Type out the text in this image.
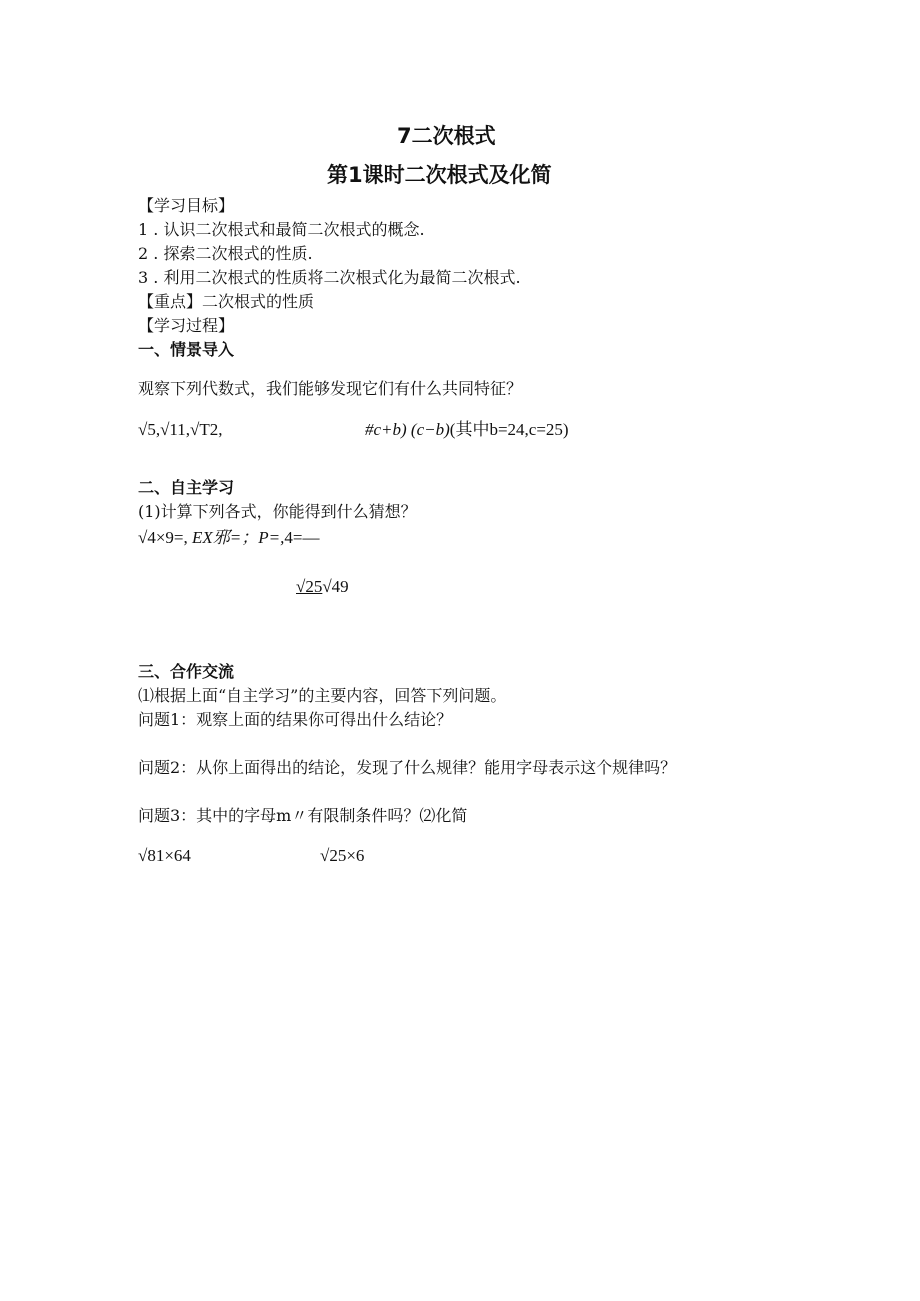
7二次根式
第1课时二次根式及化简
【学习目标】
1 . 认识二次根式和最简二次根式的概念.
2 . 探索二次根式的性质.
3 . 利用二次根式的性质将二次根式化为最简二次根式.
【重点】二次根式的性质
【学习过程】
一、情景导入
观察下列代数式，我们能够发现它们有什么共同特征？
√5,√11,√T2,	#c+b) (c−b)(其中b=24,c=25)
二、自主学习
(1)计算下列各式，你能得到什么猜想？
√4×9=, EX邪=；P=,4=—
√25√49
三、合作交流
⑴根据上面“自主学习”的主要内容，回答下列问题。
问题1：观察上面的结果你可得出什么结论？
问题2：从你上面得出的结论，发现了什么规律？能用字母表示这个规律吗？
问题3：其中的字母m〃有限制条件吗？⑵化简
√81×64	√25×6
